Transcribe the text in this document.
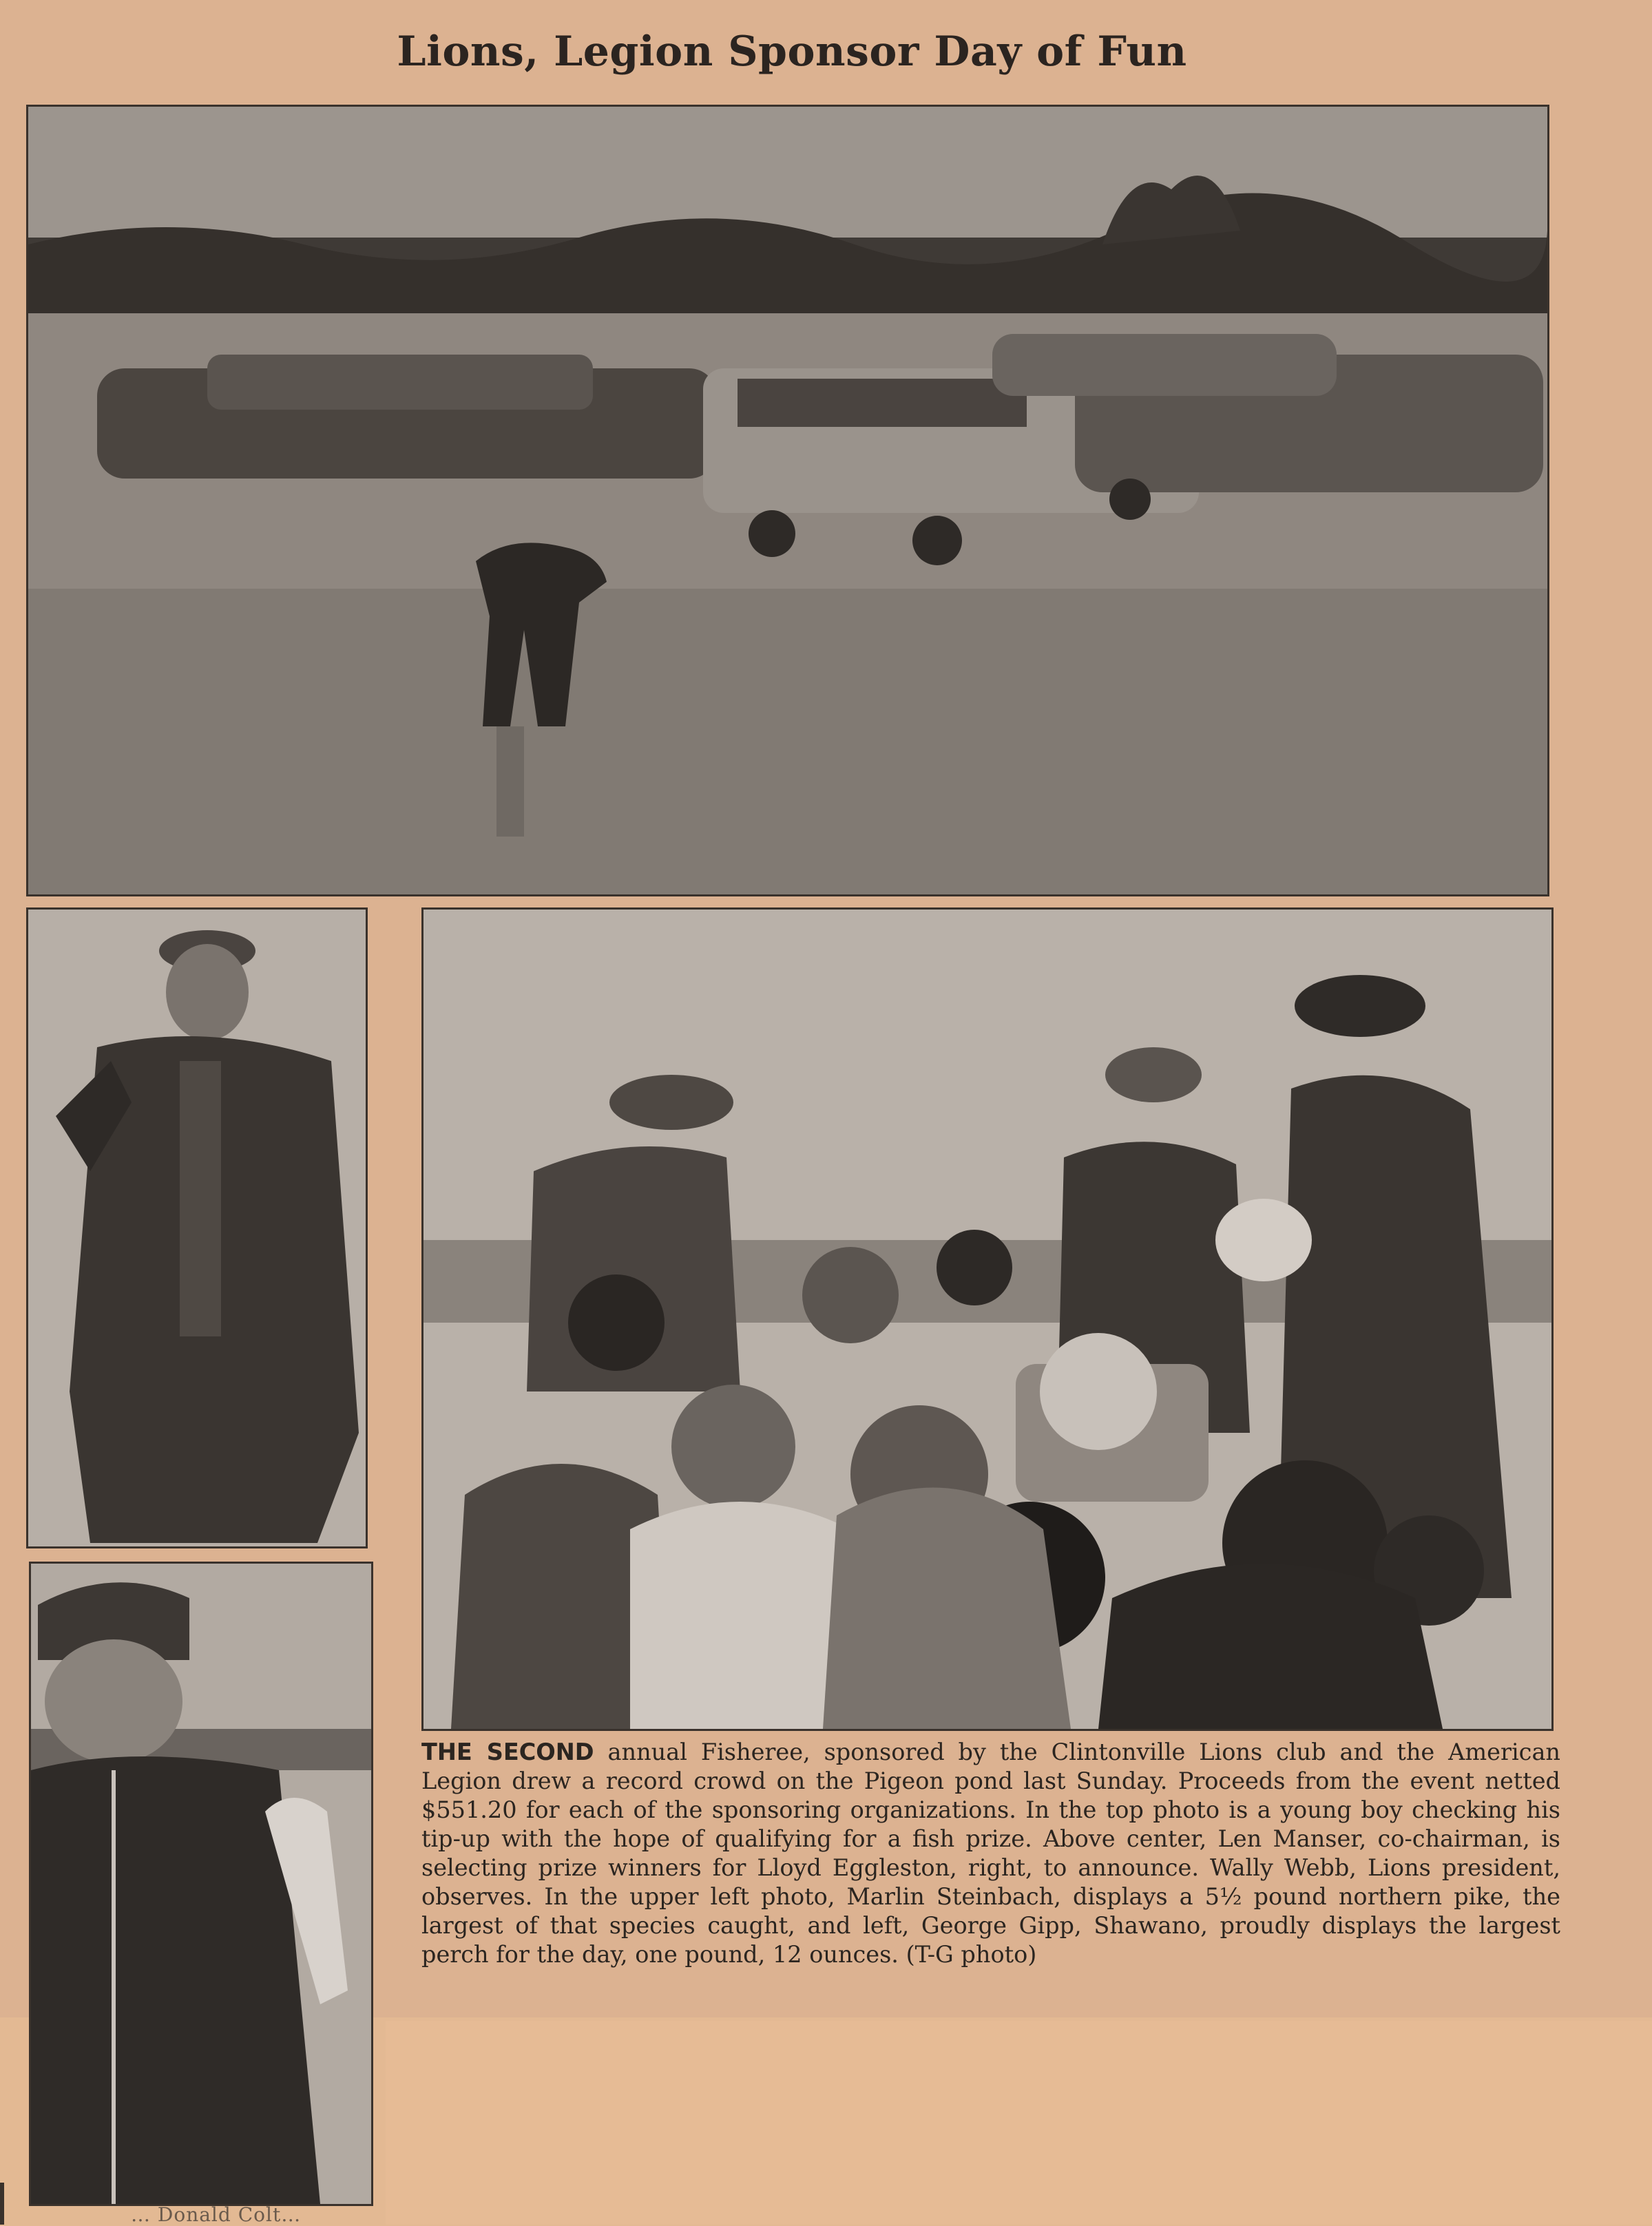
Lions, Legion Sponsor Day of Fun
THE SECOND annual Fisheree, sponsored by the Clintonville Lions club and the American Legion drew a record crowd on the Pigeon pond last Sunday. Proceeds from the event netted $551.20 for each of the sponsoring organizations. In the top photo is a young boy checking his tip-up with the hope of qualifying for a fish prize. Above center, Len Manser, co-chairman, is selecting prize winners for Lloyd Eggleston, right, to announce. Wally Webb, Lions president, observes. In the upper left photo, Marlin Steinbach, displays a 5½ pound northern pike, the largest of that species caught, and left, George Gipp, Shawano, proudly displays the largest perch for the day, one pound, 12 ounces. (T-G photo)
… Donald Colt…
